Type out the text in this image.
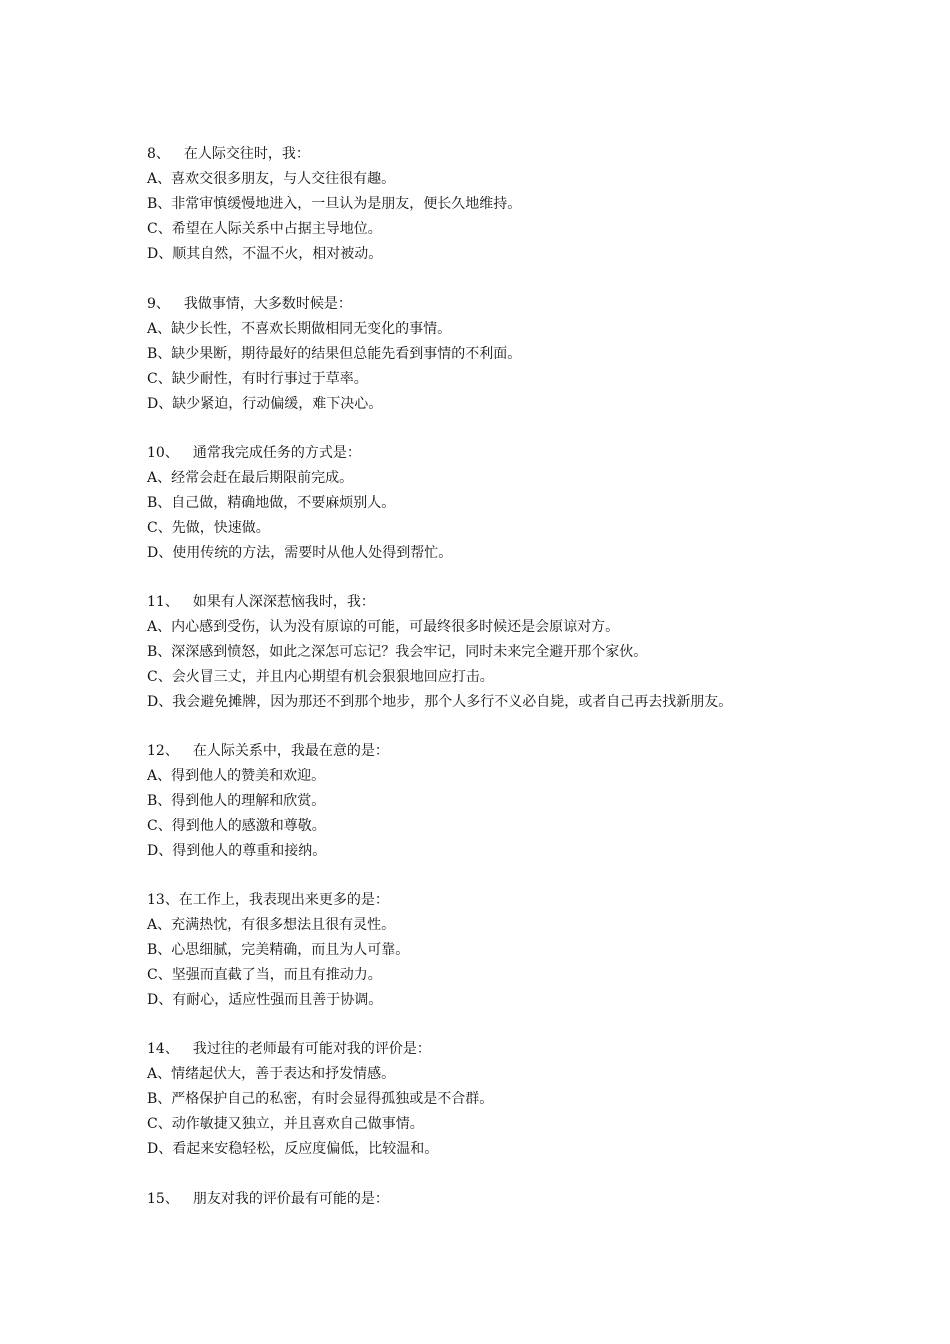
8、 在人际交往时，我：
A、喜欢交很多朋友，与人交往很有趣。
B、非常审慎缓慢地进入，一旦认为是朋友，便长久地维持。
C、希望在人际关系中占据主导地位。
D、顺其自然，不温不火，相对被动。
9、 我做事情，大多数时候是：
A、缺少长性，不喜欢长期做相同无变化的事情。
B、缺少果断，期待最好的结果但总能先看到事情的不利面。
C、缺少耐性，有时行事过于草率。
D、缺少紧迫，行动偏缓，难下决心。
10、 通常我完成任务的方式是：
A、经常会赶在最后期限前完成。
B、自己做，精确地做，不要麻烦别人。
C、先做，快速做。
D、使用传统的方法，需要时从他人处得到帮忙。
11、 如果有人深深惹恼我时，我：
A、内心感到受伤，认为没有原谅的可能，可最终很多时候还是会原谅对方。
B、深深感到愤怒，如此之深怎可忘记？我会牢记，同时未来完全避开那个家伙。
C、会火冒三丈，并且内心期望有机会狠狠地回应打击。
D、我会避免摊牌，因为那还不到那个地步，那个人多行不义必自毙，或者自己再去找新朋友。
12、 在人际关系中，我最在意的是：
A、得到他人的赞美和欢迎。
B、得到他人的理解和欣赏。
C、得到他人的感激和尊敬。
D、得到他人的尊重和接纳。
13、在工作上，我表现出来更多的是：
A、充满热忱，有很多想法且很有灵性。
B、心思细腻，完美精确，而且为人可靠。
C、坚强而直截了当，而且有推动力。
D、有耐心，适应性强而且善于协调。
14、 我过往的老师最有可能对我的评价是：
A、情绪起伏大，善于表达和抒发情感。
B、严格保护自己的私密，有时会显得孤独或是不合群。
C、动作敏捷又独立，并且喜欢自己做事情。
D、看起来安稳轻松，反应度偏低，比较温和。
15、 朋友对我的评价最有可能的是：
